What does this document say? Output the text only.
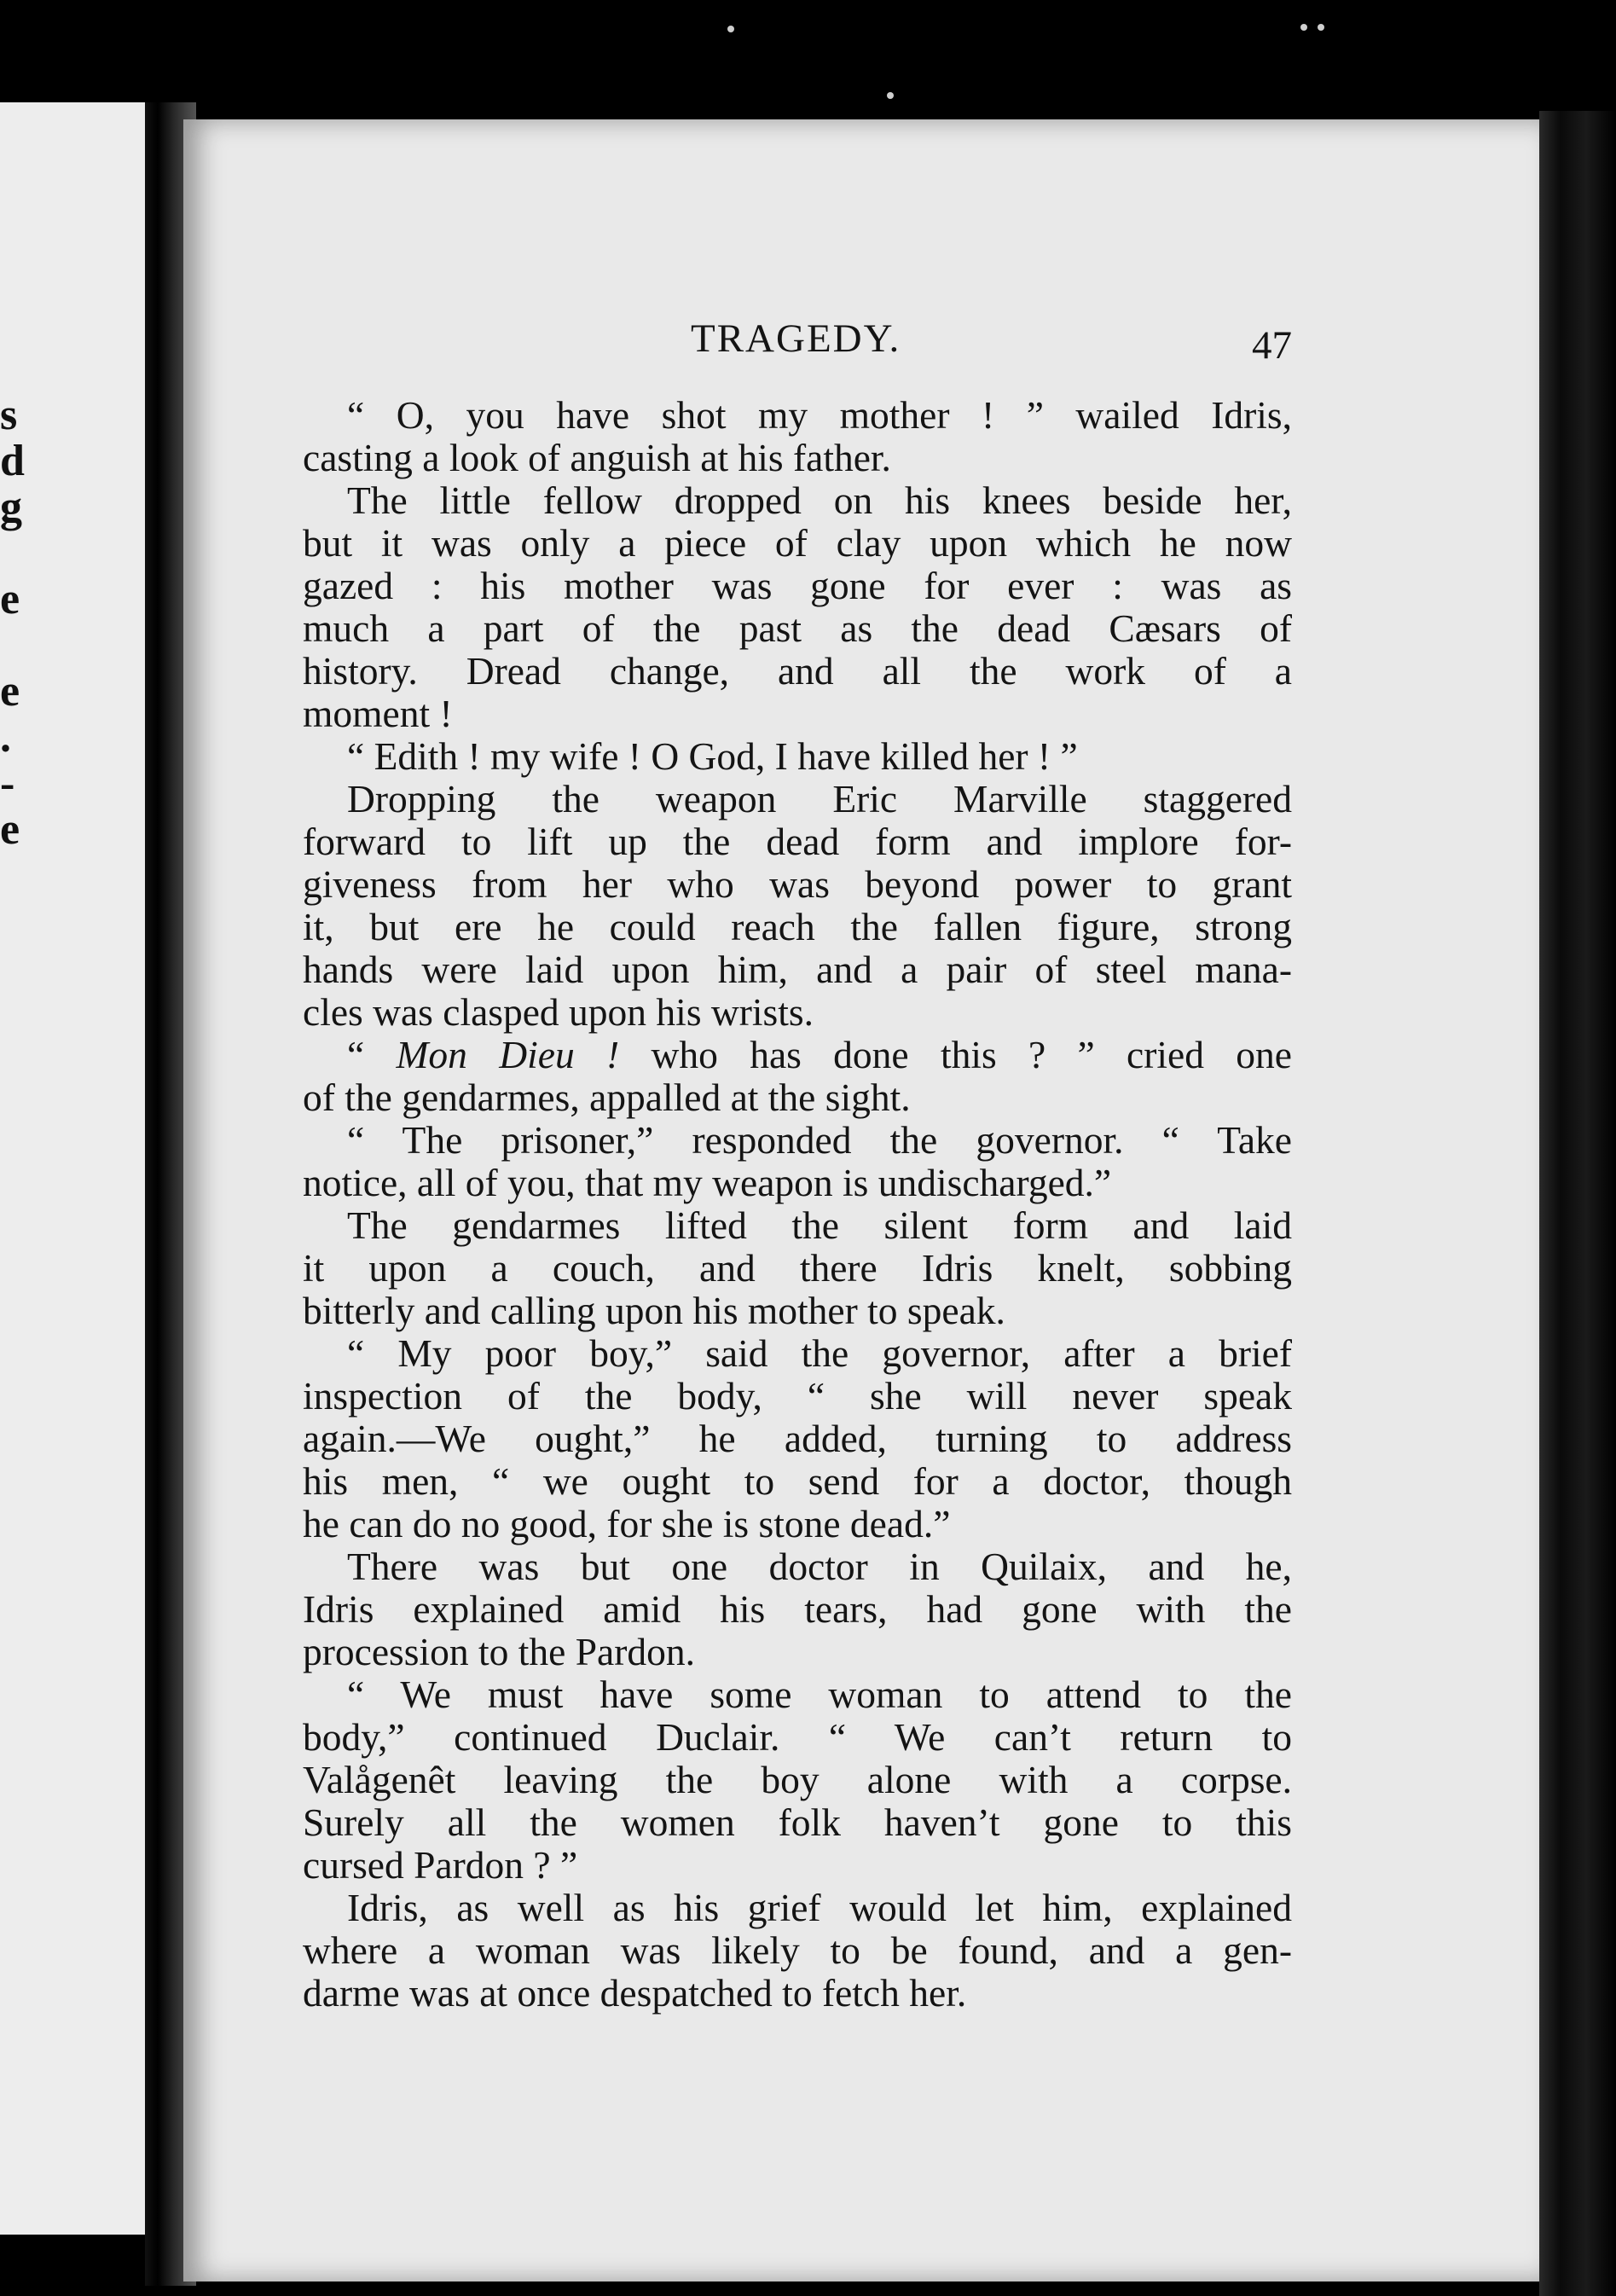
s
d
g
e
e
.
-
e
TRAGEDY.	47
“ O, you have shot my mother ! ” wailed Idris,
casting a look of anguish at his father.
The little fellow dropped on his knees beside her,
but it was only a piece of clay upon which he now
gazed : his mother was gone for ever : was as
much a part of the past as the dead Cæsars of
history. Dread change, and all the work of a
moment !
“ Edith ! my wife ! O God, I have killed her ! ”
Dropping the weapon Eric Marville staggered
forward to lift up the dead form and implore for-
giveness from her who was beyond power to grant
it, but ere he could reach the fallen figure, strong
hands were laid upon him, and a pair of steel mana-
cles was clasped upon his wrists.
“ Mon Dieu ! who has done this ? ” cried one
of the gendarmes, appalled at the sight.
“ The prisoner,” responded the governor. “ Take
notice, all of you, that my weapon is undischarged.”
The gendarmes lifted the silent form and laid
it upon a couch, and there Idris knelt, sobbing
bitterly and calling upon his mother to speak.
“ My poor boy,” said the governor, after a brief
inspection of the body, “ she will never speak
again.—We ought,” he added, turning to address
his men, “ we ought to send for a doctor, though
he can do no good, for she is stone dead.”
There was but one doctor in Quilaix, and he,
Idris explained amid his tears, had gone with the
procession to the Pardon.
“ We must have some woman to attend to the
body,” continued Duclair. “ We can’t return to
Valågenêt leaving the boy alone with a corpse.
Surely all the women folk haven’t gone to this
cursed Pardon ? ”
Idris, as well as his grief would let him, explained
where a woman was likely to be found, and a gen-
darme was at once despatched to fetch her.
